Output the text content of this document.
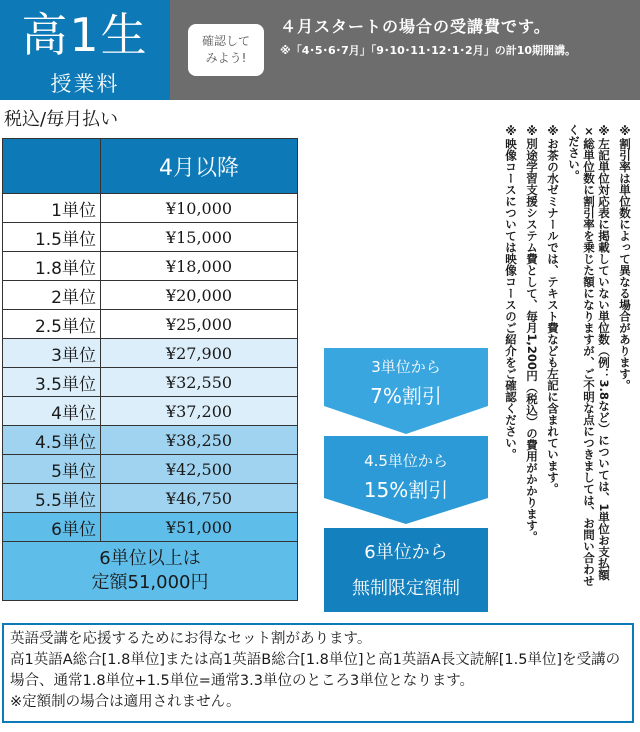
高1生
授業料
確認して
みよう!
４月スタートの場合の受講費です。
※「4･5･6･7月」「9･10･11･12･1･2月」の計10期開講。
税込/毎月払い
	4月以降
1単位	¥10,000
1.5単位	¥15,000
1.8単位	¥18,000
2単位	¥20,000
2.5単位	¥25,000
3単位	¥27,900
3.5単位	¥32,550
4単位	¥37,200
4.5単位	¥38,250
5単位	¥42,500
5.5単位	¥46,750
6単位	¥51,000

6単位以上は
定額51,000円	
3単位から
7%割引
4.5単位から
15%割引
6単位から
無制限定額制

※割引率は単位数によって異なる場合があります。

※左記単位対応表に掲載していない単位数（例：3.8など）については、1単位お支払額×総単位数に割引率を乗じた額になりますが、ご不明な点につきましては、お問い合わせください。

※お茶の水ゼミナールでは、テキスト費なども左記に含まれています。

※別途学習支援システム費として、毎月1,200円（税込）の費用がかかります。

※映像コースについては映像コースのご紹介をご確認ください。

英語受講を応援するためにお得なセット割があります。
高1英語A総合[1.8単位]または高1英語B総合[1.8単位]と高1英語A長文読解[1.5単位]を受講の場合、通常1.8単位+1.5単位=通常3.3単位のところ3単位となります。
※定額制の場合は適用されません。
